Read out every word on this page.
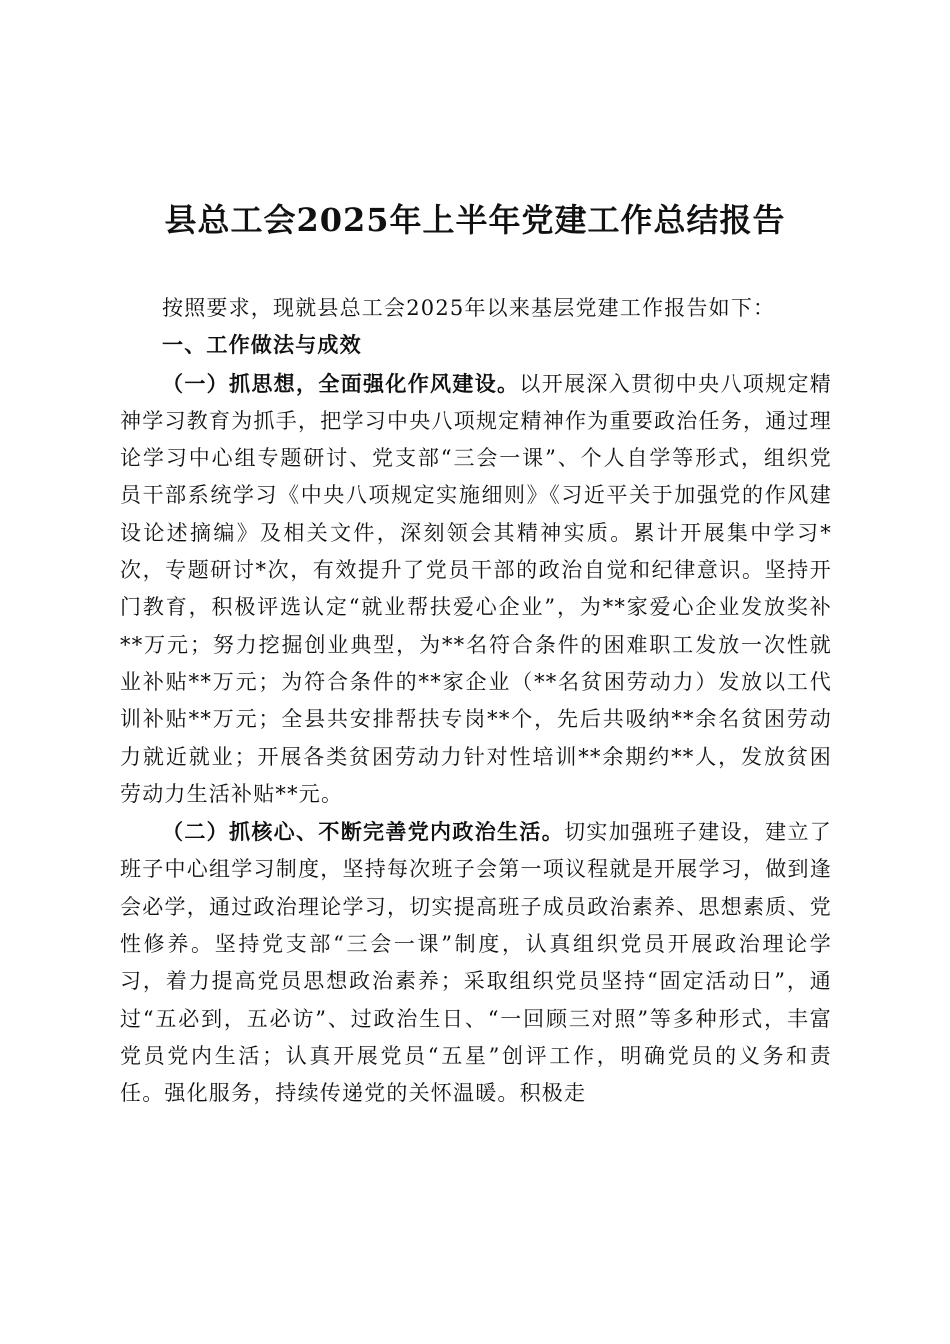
县总工会2025年上半年党建工作总结报告

按照要求，现就县总工会2025年以来基层党建工作报告如下：

一、工作做法与成效

（一）抓思想，全面强化作风建设。以开展深入贯彻中央八项规定精神学习教育为抓手，把学习中央八项规定精神作为重要政治任务，通过理论学习中心组专题研讨、党支部“三会一课”、个人自学等形式，组织党员干部系统学习《中央八项规定实施细则》《习近平关于加强党的作风建设论述摘编》及相关文件，深刻领会其精神实质。累计开展集中学习*次，专题研讨*次，有效提升了党员干部的政治自觉和纪律意识。坚持开门教育，积极评选认定“就业帮扶爱心企业”，为**家爱心企业发放奖补**万元；努力挖掘创业典型，为**名符合条件的困难职工发放一次性就业补贴**万元；为符合条件的**家企业（**名贫困劳动力）发放以工代训补贴**万元；全县共安排帮扶专岗**个，先后共吸纳**余名贫困劳动力就近就业；开展各类贫困劳动力针对性培训**余期约**人，发放贫困劳动力生活补贴**元。

（二）抓核心、不断完善党内政治生活。切实加强班子建设，建立了班子中心组学习制度，坚持每次班子会第一项议程就是开展学习，做到逢会必学，通过政治理论学习，切实提高班子成员政治素养、思想素质、党性修养。坚持党支部“三会一课”制度，认真组织党员开展政治理论学习，着力提高党员思想政治素养；采取组织党员坚持“固定活动日”，通过“五必到，五必访”、过政治生日、“一回顾三对照”等多种形式，丰富党员党内生活；认真开展党员“五星”创评工作，明确党员的义务和责任。强化服务，持续传递党的关怀温暖。积极走
